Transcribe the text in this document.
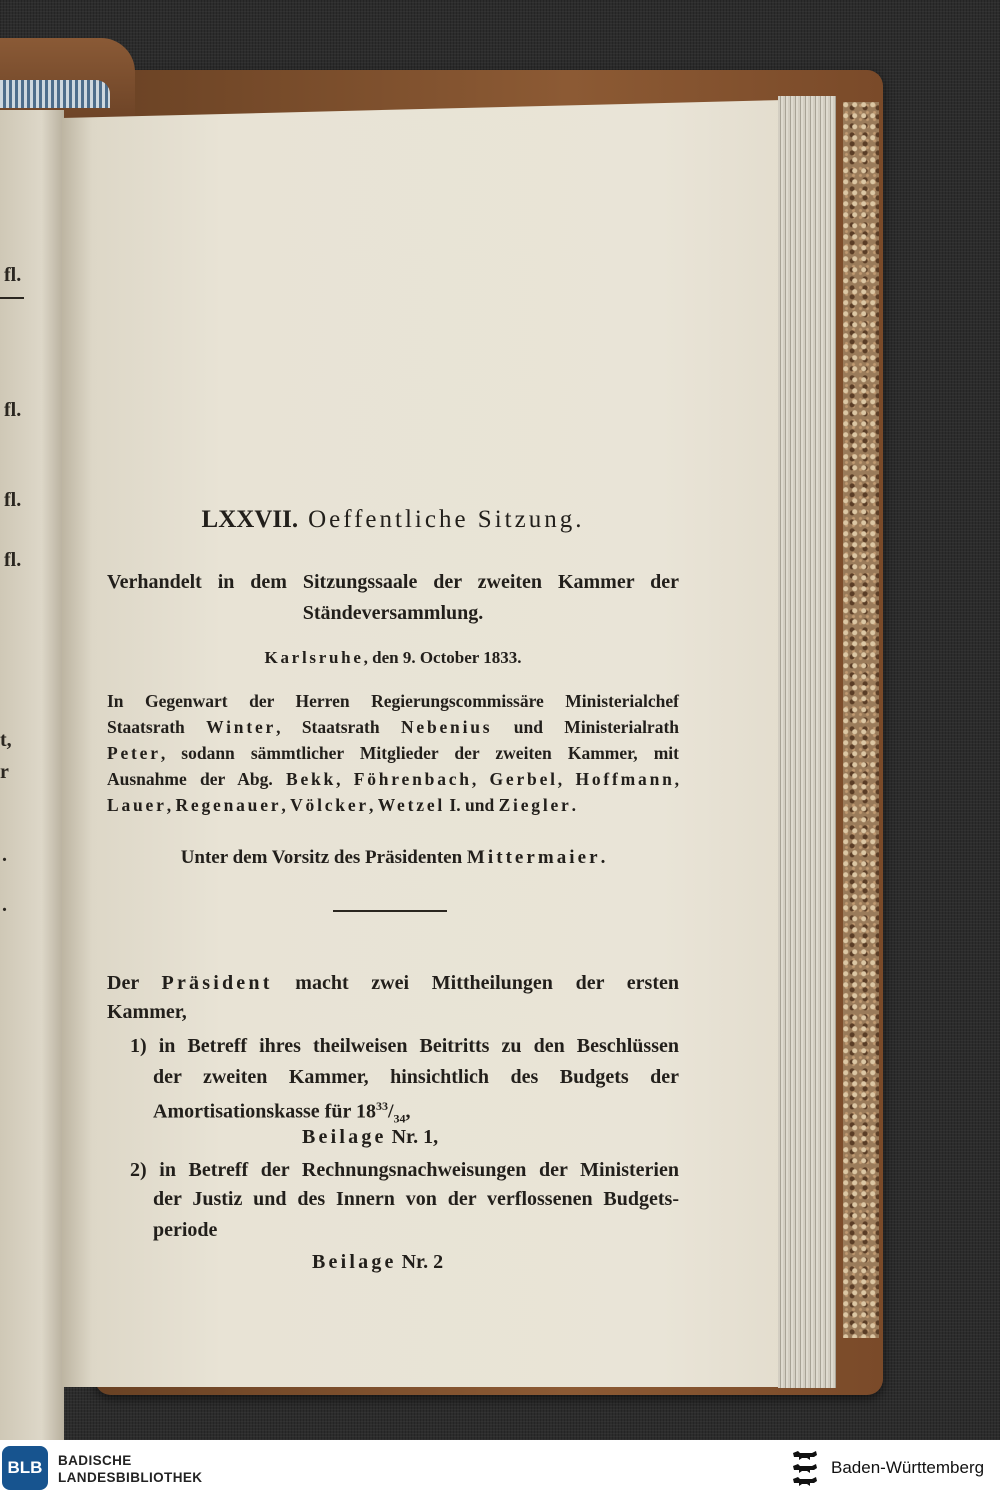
fl.
fl.
fl.
fl.
t,
r
.
.
LXXVII. Oeffentliche Sitzung.
Verhandelt in dem Sitzungssaale der zweiten Kammer der
Ständeversammlung.
Karlsruhe, den 9. October 1833.
In Gegenwart der Herren Regierungscommissäre Ministerialchef
Staatsrath Winter, Staatsrath Nebenius und Ministerialrath
Peter, sodann sämmtlicher Mitglieder der zweiten Kammer, mit
Ausnahme der Abg. Bekk, Föhrenbach, Gerbel, Hoffmann,
Lauer, Regenauer, Völcker, Wetzel I. und Ziegler.
Unter dem Vorsitz des Präsidenten Mittermaier.
Der Präsident macht zwei Mittheilungen der ersten
Kammer,
1) in Betreff ihres theilweisen Beitritts zu den Beschlüssen
der zweiten Kammer, hinsichtlich des Budgets der
Amortisationskasse für $18^{33}/_{34}$,
Beilage Nr. 1,
2) in Betreff der Rechnungsnachweisungen der Ministerien
der Justiz und des Innern von der verflossenen Budgets-
periode
Beilage Nr. 2
BLB	BADISCHE
LANDESBIBLIOTHEK
Baden-Württemberg
